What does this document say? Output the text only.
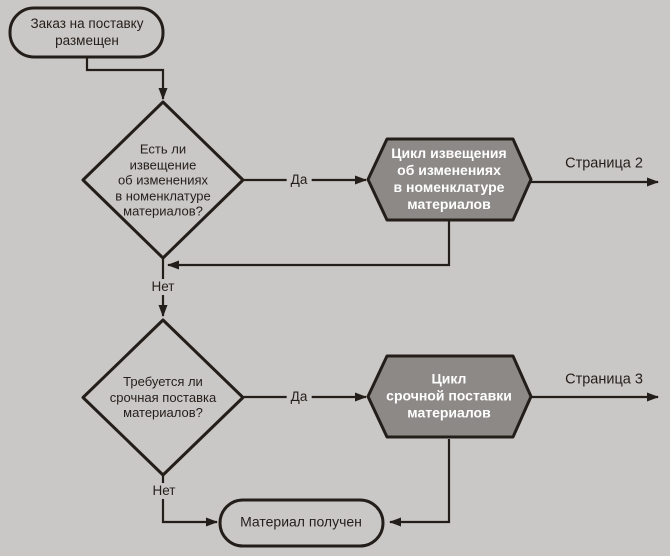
Заказ на поставку
размещен
Есть ли
извещение
об изменениях
в номенклатуре
материалов?
Цикл извещения
об изменениях
в номенклатуре
материалов
Требуется ли
срочная поставка
материалов?
Цикл
срочной поставки
материалов
Материал получен
Да
Нет
Да
Нет
Страница 2
Страница 3
